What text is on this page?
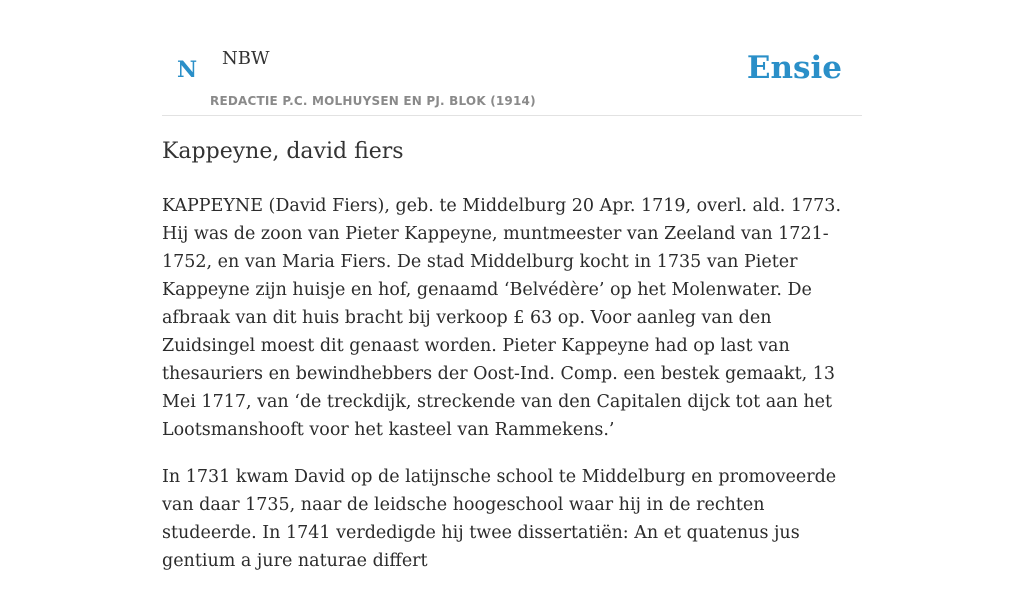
N NBW
REDACTIE P.C. MOLHUYSEN EN PJ. BLOK (1914)
Ensie
Kappeyne, david fiers

KAPPEYNE (David Fiers), geb. te Middelburg 20 Apr. 1719, overl. ald. 1773. Hij was de zoon van Pieter Kappeyne, muntmeester van Zeeland van 1721-1752, en van Maria Fiers. De stad Middelburg kocht in 1735 van Pieter Kappeyne zijn huisje en hof, genaamd ‘Belvédère’ op het Molenwater. De afbraak van dit huis bracht bij verkoop £ 63 op. Voor aanleg van den Zuidsingel moest dit genaast worden. Pieter Kappeyne had op last van thesauriers en bewindhebbers der Oost-Ind. Comp. een bestek gemaakt, 13 Mei 1717, van ‘de treckdijk, streckende van den Capitalen dijck tot aan het Lootsmanshooft voor het kasteel van Rammekens.’

In 1731 kwam David op de latijnsche school te Middelburg en promoveerde van daar 1735, naar de leidsche hoogeschool waar hij in de rechten studeerde. In 1741 verdedigde hij twee dissertatiën: An et quatenus jus gentium a jure naturae differt
